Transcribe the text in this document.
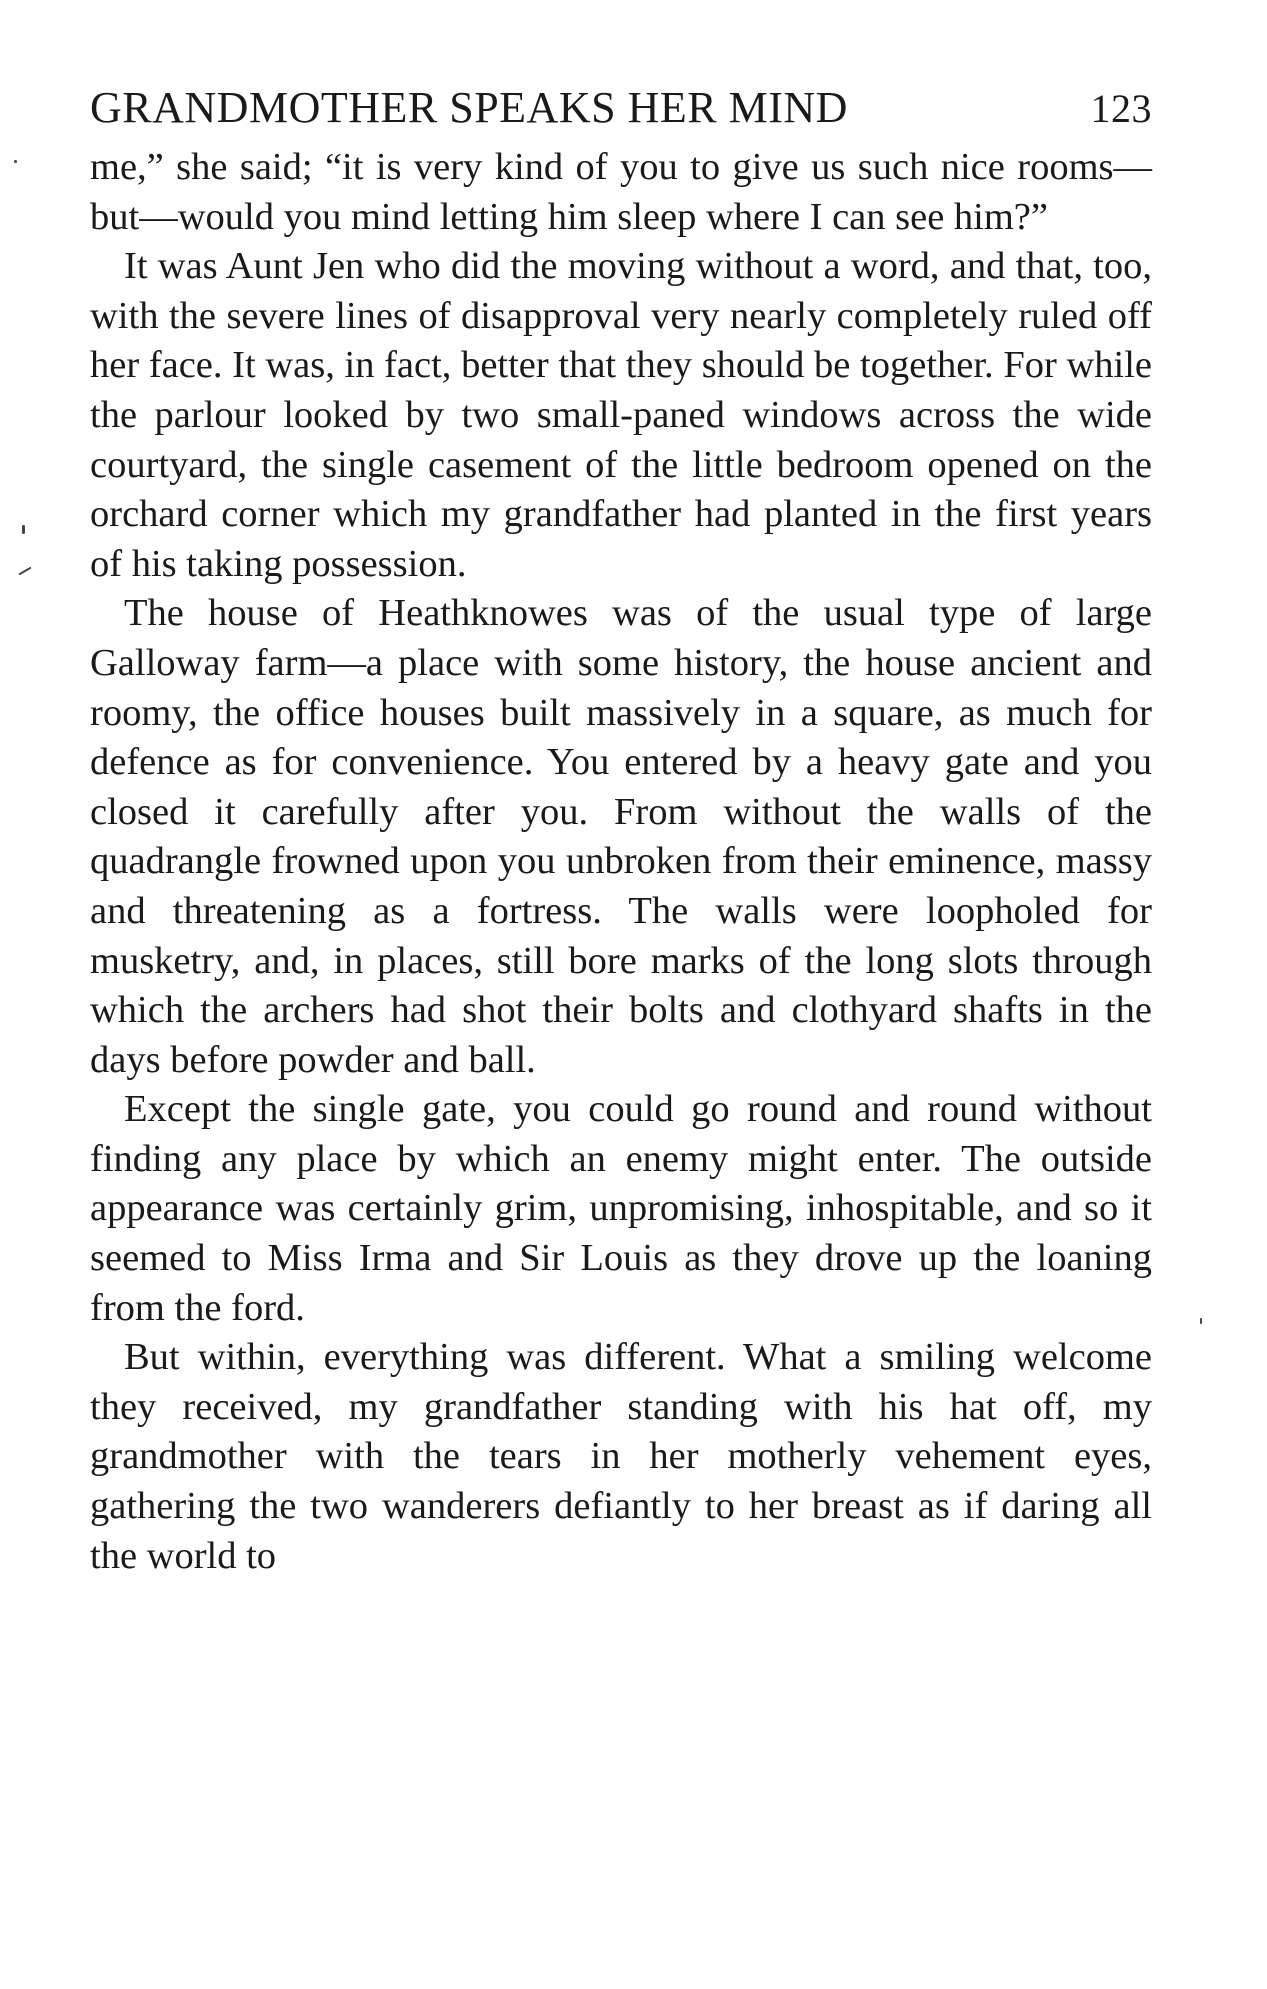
GRANDMOTHER SPEAKS HER MIND	123

me,” she said; “it is very kind of you to give us such nice rooms—but—would you mind letting him sleep where I can see him?”

It was Aunt Jen who did the moving without a word, and that, too, with the severe lines of disapproval very nearly completely ruled off her face. It was, in fact, better that they should be together. For while the parlour looked by two small-paned windows across the wide courtyard, the single casement of the little bedroom opened on the orchard corner which my grandfather had planted in the first years of his taking possession.

The house of Heathknowes was of the usual type of large Galloway farm—a place with some history, the house ancient and roomy, the office houses built massively in a square, as much for defence as for convenience. You entered by a heavy gate and you closed it carefully after you. From without the walls of the quadrangle frowned upon you unbroken from their eminence, massy and threatening as a fortress. The walls were loopholed for musketry, and, in places, still bore marks of the long slots through which the archers had shot their bolts and clothyard shafts in the days before powder and ball.

Except the single gate, you could go round and round without finding any place by which an enemy might enter. The outside appearance was certainly grim, unpromising, inhospitable, and so it seemed to Miss Irma and Sir Louis as they drove up the loaning from the ford.

But within, everything was different. What a smiling welcome they received, my grandfather standing with his hat off, my grandmother with the tears in her motherly vehement eyes, gathering the two wanderers defiantly to her breast as if daring all the world to
